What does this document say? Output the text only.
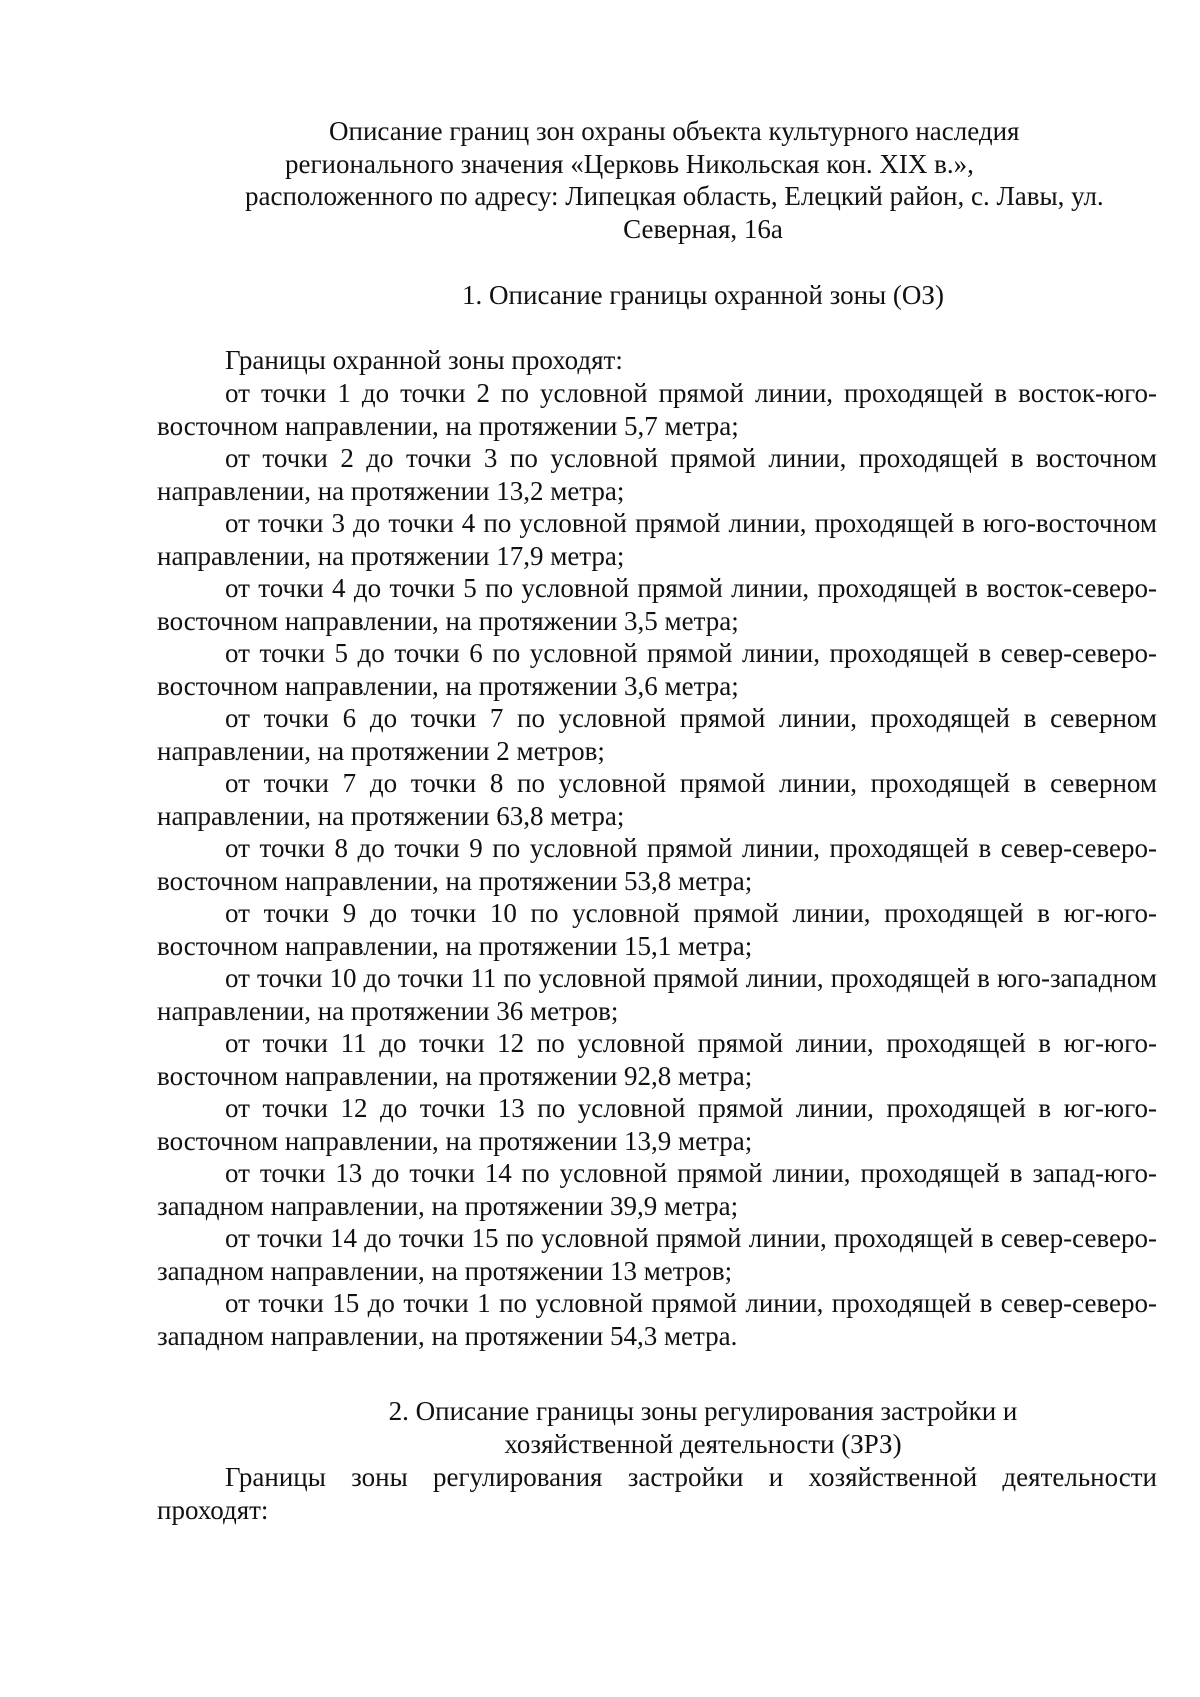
Описание границ зон охраны объекта культурного наследия
регионального значения «Церковь Никольская кон. XIX в.»,
расположенного по адресу: Липецкая область, Елецкий район, с. Лавы, ул.
Северная, 16а
1. Описание границы охранной зоны (ОЗ)

Границы охранной зоны проходят:

от точки 1 до точки 2 по условной прямой линии, проходящей в восток-юго-восточном направлении, на протяжении 5,7 метра;

от точки 2 до точки 3 по условной прямой линии, проходящей в восточном направлении, на протяжении 13,2 метра;

от точки 3 до точки 4 по условной прямой линии, проходящей в юго-восточном направлении, на протяжении 17,9 метра;

от точки 4 до точки 5 по условной прямой линии, проходящей в восток-северо-восточном направлении, на протяжении 3,5 метра;

от точки 5 до точки 6 по условной прямой линии, проходящей в север-северо-восточном направлении, на протяжении 3,6 метра;

от точки 6 до точки 7 по условной прямой линии, проходящей в северном направлении, на протяжении 2 метров;

от точки 7 до точки 8 по условной прямой линии, проходящей в северном направлении, на протяжении 63,8 метра;

от точки 8 до точки 9 по условной прямой линии, проходящей в север-северо-восточном направлении, на протяжении 53,8 метра;

от точки 9 до точки 10 по условной прямой линии, проходящей в юг-юго-восточном направлении, на протяжении 15,1 метра;

от точки 10 до точки 11 по условной прямой линии, проходящей в юго-западном направлении, на протяжении 36 метров;

от точки 11 до точки 12 по условной прямой линии, проходящей в юг-юго-восточном направлении, на протяжении 92,8 метра;

от точки 12 до точки 13 по условной прямой линии, проходящей в юг-юго-восточном направлении, на протяжении 13,9 метра;

от точки 13 до точки 14 по условной прямой линии, проходящей в запад-юго-западном направлении, на протяжении 39,9 метра;

от точки 14 до точки 15 по условной прямой линии, проходящей в север-северо-западном направлении, на протяжении 13 метров;

от точки 15 до точки 1 по условной прямой линии, проходящей в север-северо-западном направлении, на протяжении 54,3 метра.

2. Описание границы зоны регулирования застройки и
хозяйственной деятельности (ЗРЗ)

Границы зоны регулирования застройки и хозяйственной деятельности проходят:
